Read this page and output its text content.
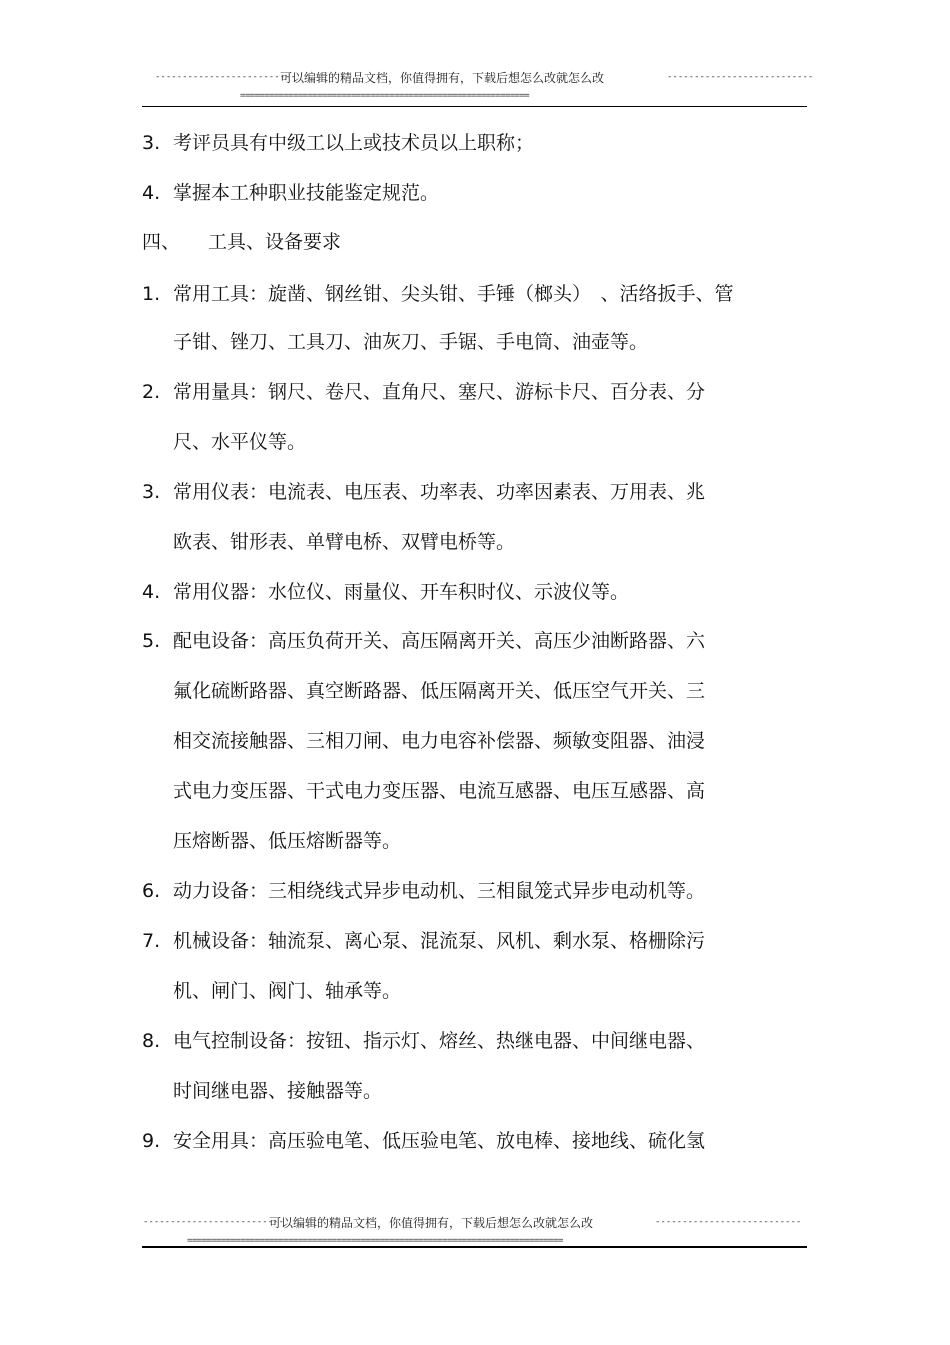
--------------------------
可以编辑的精品文档，你值得拥有，下载后想怎么改就怎么改	---------------------------
============================================================
3. 考评员具有中级工以上或技术员以上职称；
4. 掌握本工种职业技能鉴定规范。
四、 工具、设备要求
1. 常用工具：旋凿、钢丝钳、尖头钳、手锤（榔头）　、活络扳手、管
子钳、锉刀、工具刀、油灰刀、手锯、手电筒、油壶等。
2. 常用量具：钢尺、卷尺、直角尺、塞尺、游标卡尺、百分表、分
尺、水平仪等。
3. 常用仪表：电流表、电压表、功率表、功率因素表、万用表、兆
欧表、钳形表、单臂电桥、双臂电桥等。
4. 常用仪器：水位仪、雨量仪、开车积时仪、示波仪等。
5. 配电设备：高压负荷开关、高压隔离开关、高压少油断路器、六
氟化硫断路器、真空断路器、低压隔离开关、低压空气开关、三
相交流接触器、三相刀闸、电力电容补偿器、频敏变阻器、油浸
式电力变压器、干式电力变压器、电流互感器、电压互感器、高
压熔断器、低压熔断器等。
6. 动力设备：三相绕线式异步电动机、三相鼠笼式异步电动机等。
7. 机械设备：轴流泵、离心泵、混流泵、风机、剩水泵、格栅除污
机、闸门、阀门、轴承等。
8. 电气控制设备：按钮、指示灯、熔丝、热继电器、中间继电器、
时间继电器、接触器等。
9. 安全用具：高压验电笔、低压验电笔、放电棒、接地线、硫化氢
--------------------------
可以编辑的精品文档，你值得拥有，下载后想怎么改就怎么改	---------------------------
==============================================================================
